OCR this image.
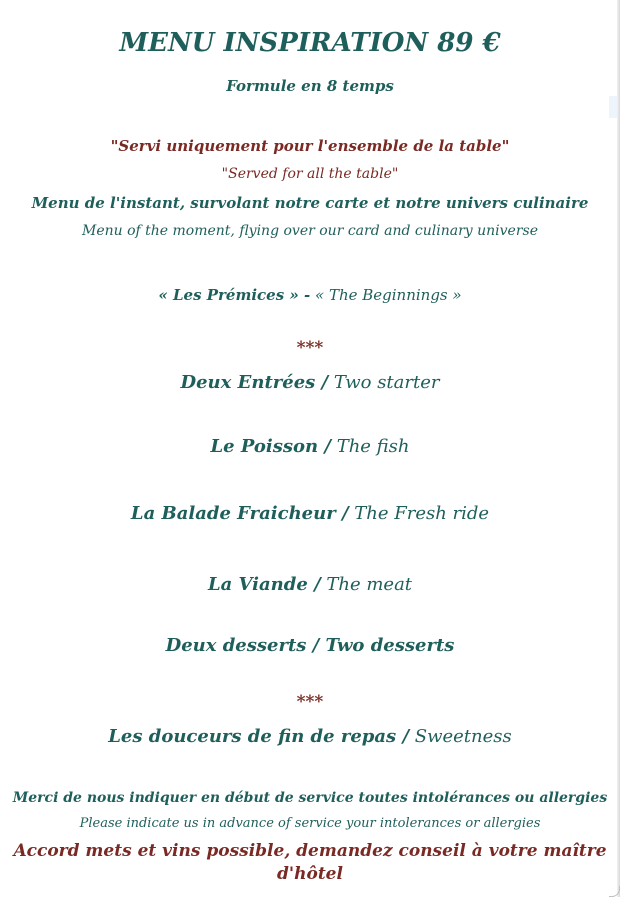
MENU INSPIRATION 89 €
Formule en 8 temps
"Servi uniquement pour l'ensemble de la table"
"Served for all the table"
Menu de l'instant, survolant notre carte et notre univers culinaire
Menu of the moment, flying over our card and culinary universe
« Les Prémices » - « The Beginnings »
***
Deux Entrées / Two starter
Le Poisson / The fish
La Balade Fraicheur / The Fresh ride
La Viande / The meat
Deux desserts / Two desserts
***
Les douceurs de fin de repas / Sweetness
Merci de nous indiquer en début de service toutes intolérances ou allergies
Please indicate us in advance of service your intolerances or allergies
Accord mets et vins possible, demandez conseil à votre maître
d'hôtel
